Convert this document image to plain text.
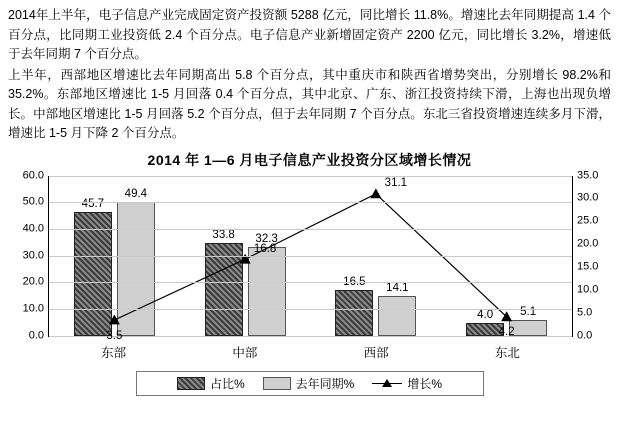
2014年上半年，电子信息产业完成固定资产投资额 5288 亿元，同比增长 11.8%。增速比去年同期提高 1.4 个百分点，比同期工业投资低 2.4 个百分点。电子信息产业新增固定资产 2200 亿元，同比增长 3.2%，增速低于去年同期 7 个百分点。

上半年，西部地区增速比去年同期高出 5.8 个百分点，其中重庆市和陕西省增势突出，分别增长 98.2%和 35.2%。东部地区增速比 1-5 月回落 0.4 个百分点，其中北京、广东、浙江投资持续下滑，上海也出现负增长。中部地区增速比 1-5 月回落 5.2 个百分点，但于去年同期 7 个百分点。东北三省投资增速连续多月下滑，增速比 1-5 月下降 2 个百分点。

2014 年 1—6 月电子信息产业投资分区域增长情况
45.7
49.4
33.8 32.3
16.5
14.1
4.0 5.1
60.0
50.0
40.0
30.0
20.0
10.0
0.0
35.0
30.0
25.0
20.0
15.0
10.0
5.0
0.0
3.5
16.8
31.1
4.2
东部	中部	西部	东北
占比%	去年同期%	增长%
